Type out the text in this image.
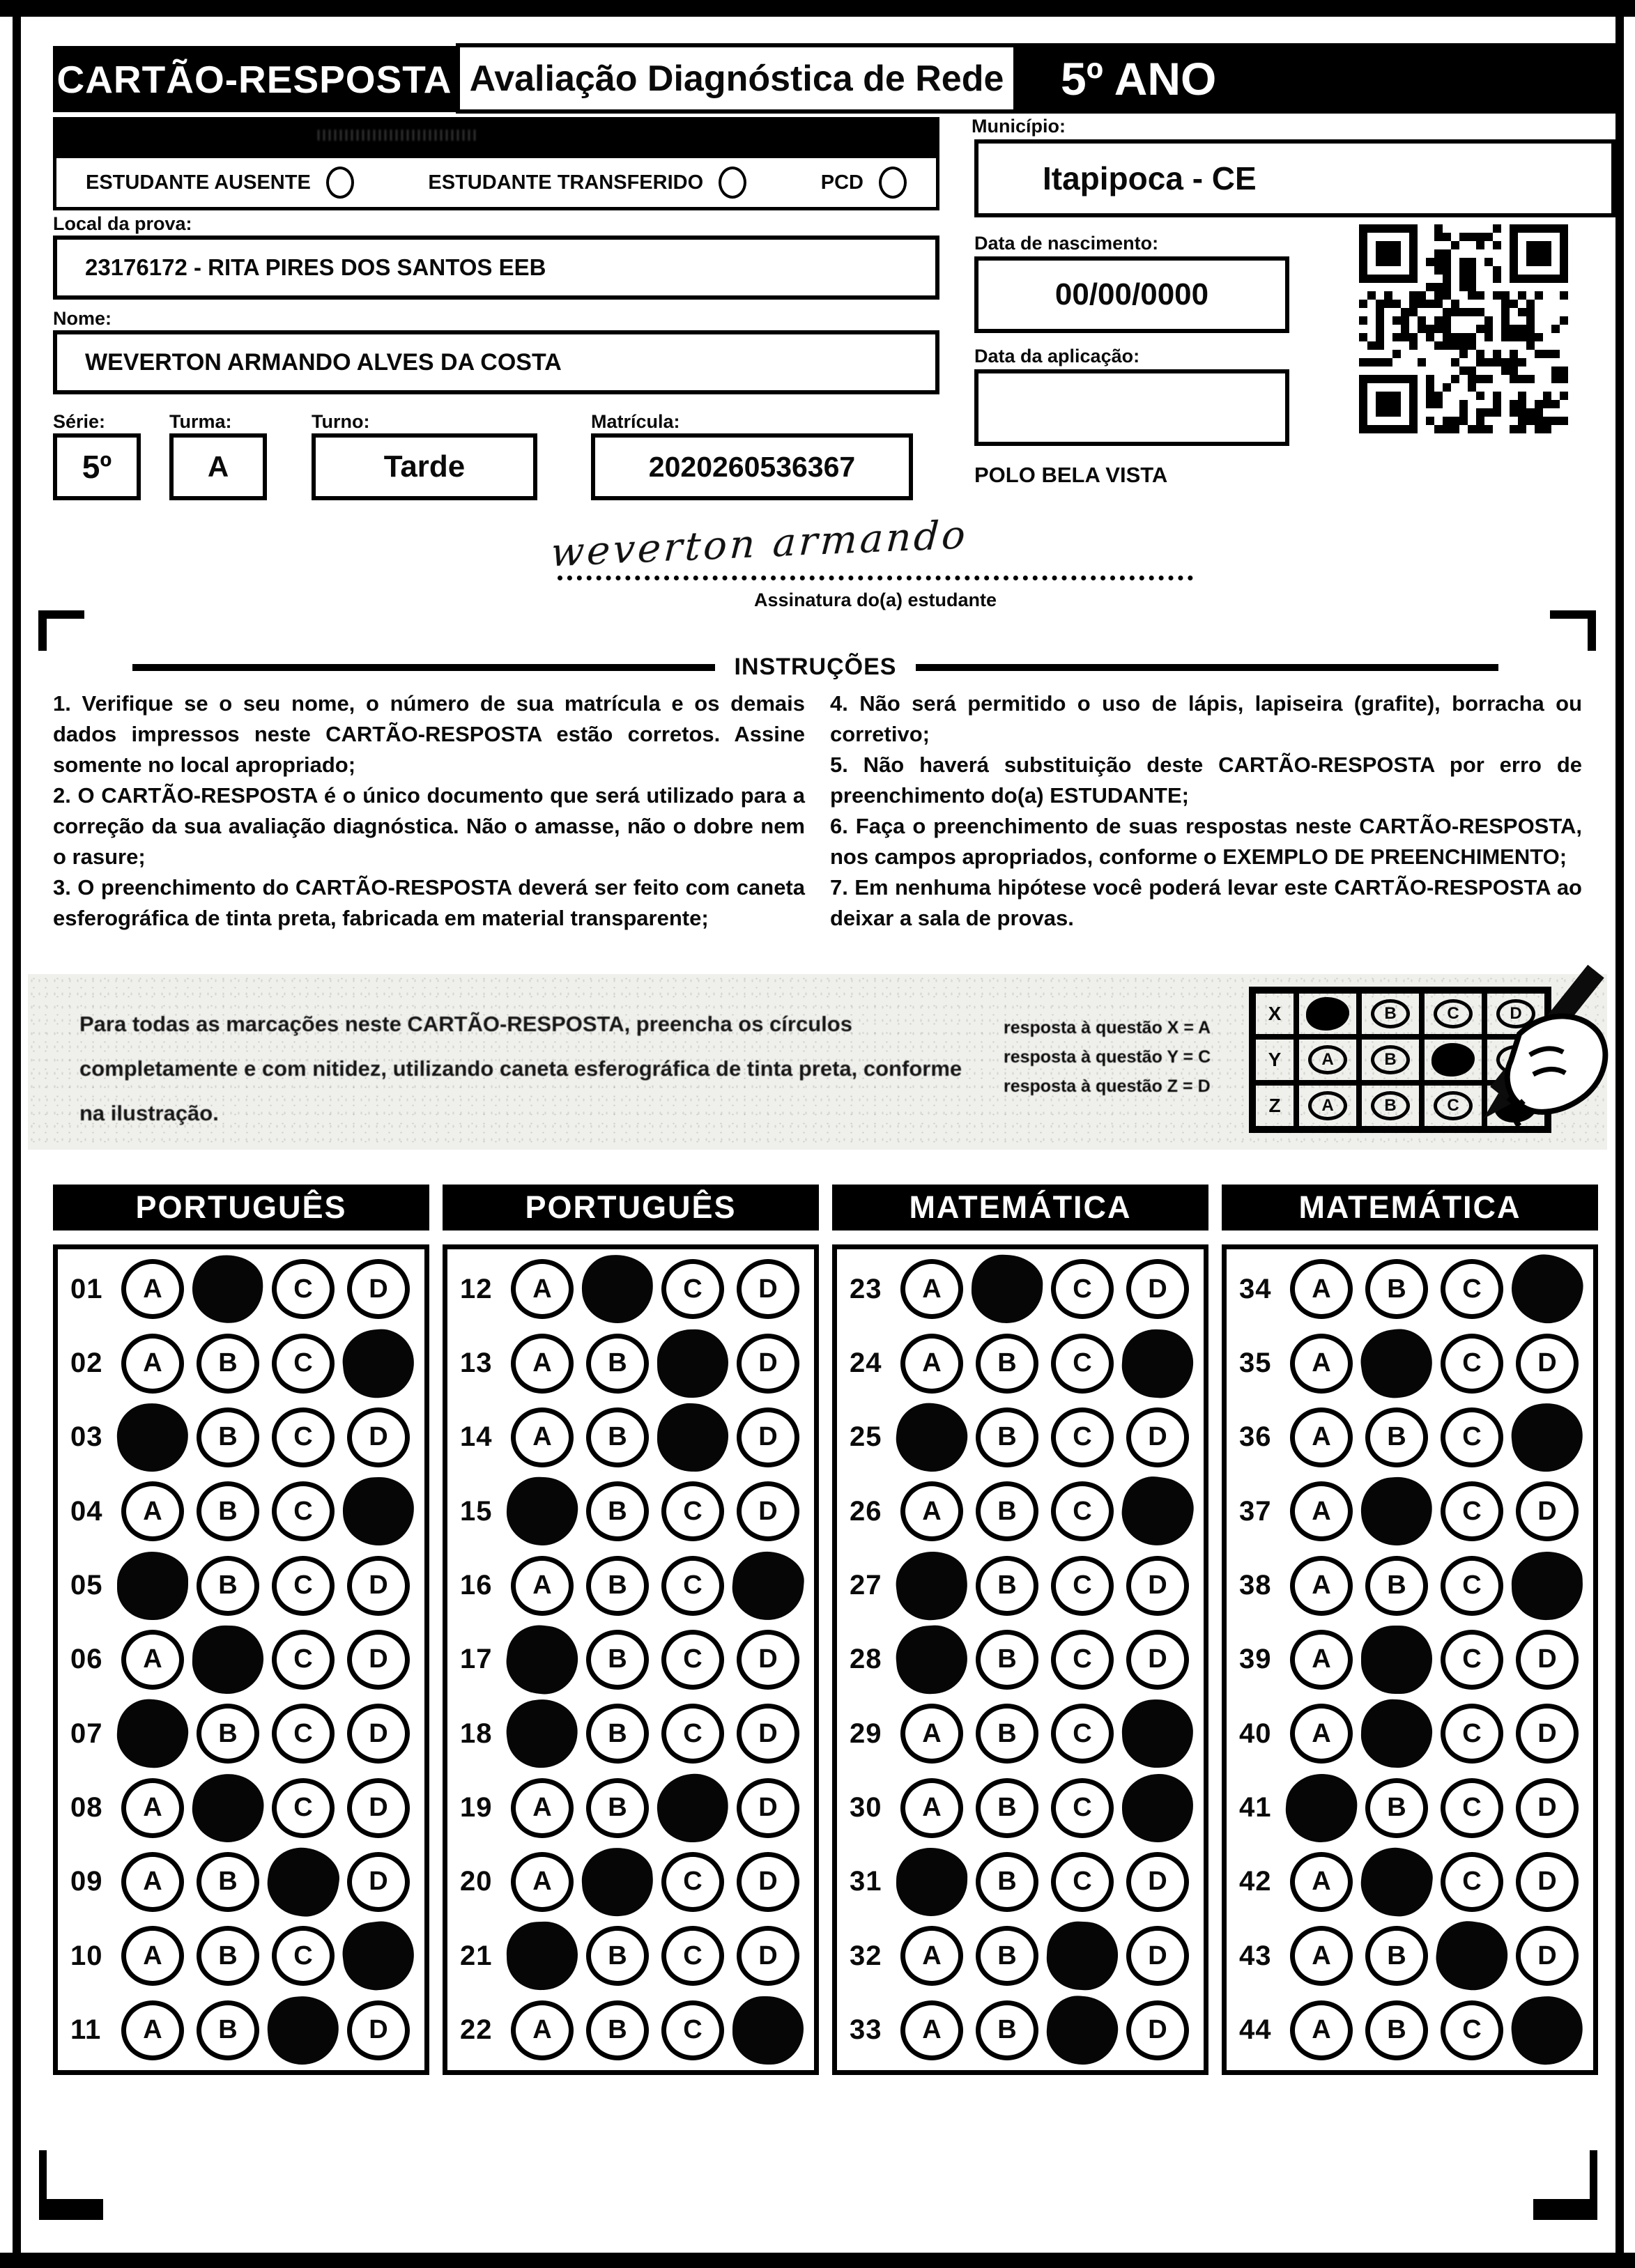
CARTÃO-RESPOSTA Avaliação Diagnóstica de Rede	5º ANO
ESTUDANTE AUSENTE	ESTUDANTE TRANSFERIDO	PCD
Local da prova:
23176172 - RITA PIRES DOS SANTOS EEB
Nome:
WEVERTON ARMANDO ALVES DA COSTA
Série:	Turma:	Turno:	Matrícula:
5º	A	Tarde	2020260536367
Município:
Itapipoca - CE
Data de nascimento:
00/00/0000
Data da aplicação:
POLO BELA VISTA
weverton armando
Assinatura do(a) estudante
INSTRUÇÕES

1. Verifique se o seu nome, o número de sua matrícula e os demais dados impressos neste CARTÃO-RESPOSTA estão corretos. Assine somente no local apropriado;

2. O CARTÃO-RESPOSTA é o único documento que será utilizado para a correção da sua avaliação diagnóstica. Não o amasse, não o dobre nem o rasure;

3. O preenchimento do CARTÃO-RESPOSTA deverá ser feito com caneta esferográfica de tinta preta, fabricada em material transparente;

4. Não será permitido o uso de lápis, lapiseira (grafite), borracha ou corretivo;

5. Não haverá substituição deste CARTÃO-RESPOSTA por erro de preenchimento do(a) ESTUDANTE;

6. Faça o preenchimento de suas respostas neste CARTÃO-RESPOSTA, nos campos apropriados, conforme o EXEMPLO DE PREENCHIMENTO;

7. Em nenhuma hipótese você poderá levar este CARTÃO-RESPOSTA ao deixar a sala de provas.

Para todas as marcações neste CARTÃO-RESPOSTA, preencha os círculos completamente e com nitidez, utilizando caneta esferográfica de tinta preta, conforme na ilustração.
resposta à questão X = A
resposta à questão Y = C
resposta à questão Z = D
X	B	C	D
Y	A	B
Z	A	B	C
PORTUGUÊS
01	A	C	D
02	A	B	C
03	B	C	D
04	A	B	C
05	B	C	D
06	A	C	D
07	B	C	D
08	A	C	D
09	A	B	D
10	A	B	C
11	A	B	D
PORTUGUÊS
12	A	C	D
13	A	B	D
14	A	B	D
15	B	C	D
16	A	B	C
17	B	C	D
18	B	C	D
19	A	B	D
20	A	C	D
21	B	C	D
22	A	B	C
MATEMÁTICA
23	A	C	D
24	A	B	C
25	B	C	D
26	A	B	C
27	B	C	D
28	B	C	D
29	A	B	C
30	A	B	C
31	B	C	D
32	A	B	D
33	A	B	D
MATEMÁTICA
34	A	B	C
35	A	C	D
36	A	B	C
37	A	C	D
38	A	B	C
39	A	C	D
40	A	C	D
41	B	C	D
42	A	C	D
43	A	B	D
44	A	B	C
